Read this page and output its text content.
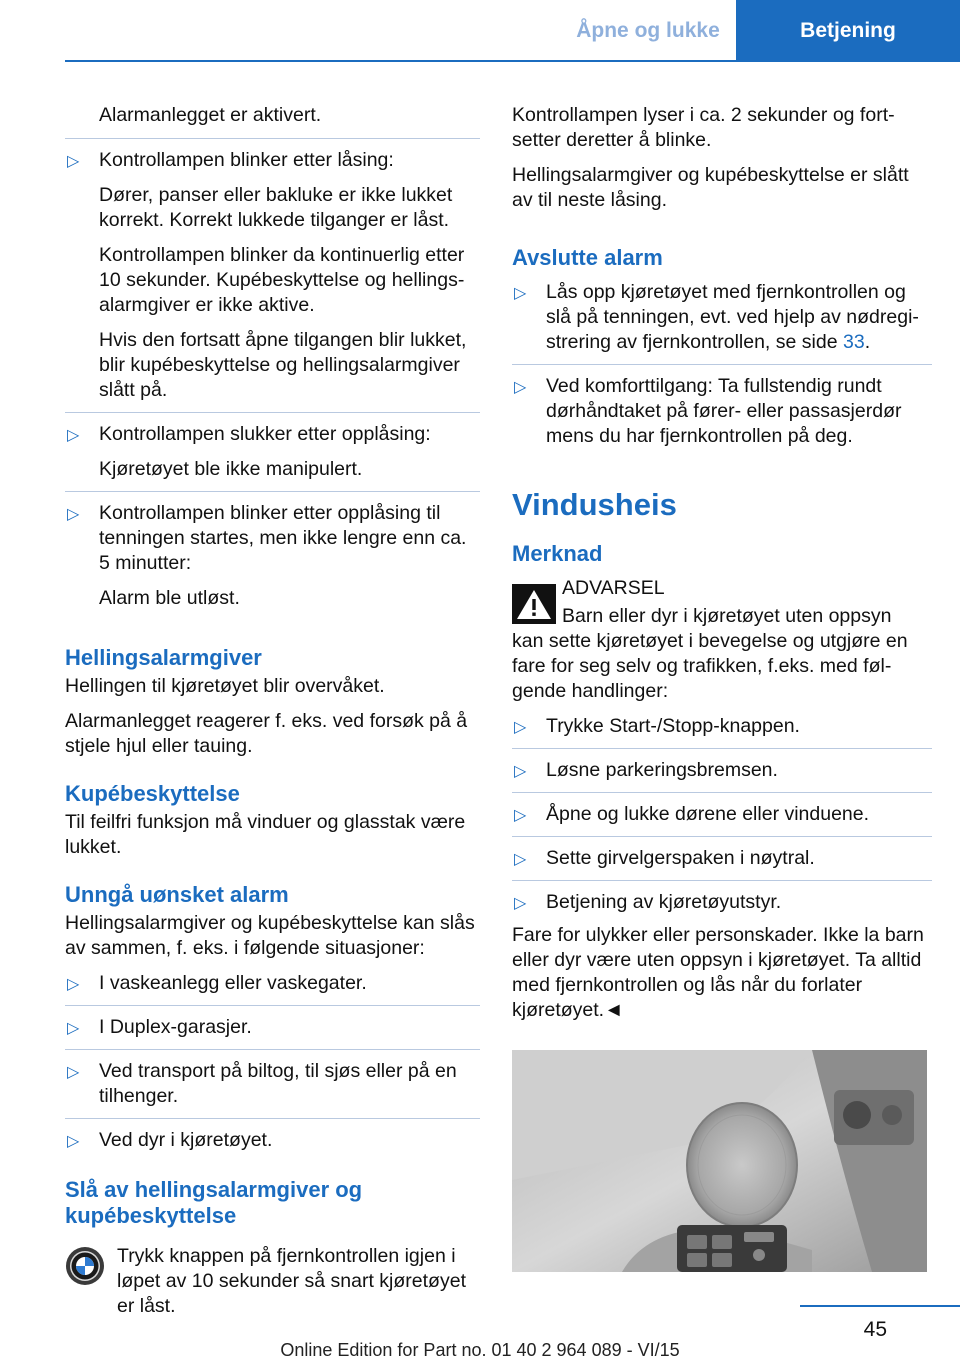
Åpne og lukke	Betjening

Alarmanlegget er aktivert.

▷ Kontrollampen blinker etter låsing:

Dører, panser eller bakluke er ikke lukket korrekt. Korrekt lukkede tilganger er låst.

Kontrollampen blinker da kontinuerlig etter 10 sekunder. Kupébeskyttelse og hellingsalarmgiver er ikke aktive.

Hvis den fortsatt åpne tilgangen blir lukket, blir kupébeskyttelse og hellingsalarmgiver slått på.

▷ Kontrollampen slukker etter opplåsing:

Kjøretøyet ble ikke manipulert.

▷ Kontrollampen blinker etter opplåsing til tenningen startes, men ikke lengre enn ca. 5 minutter:

Alarm ble utløst.

Hellingsalarmgiver

Hellingen til kjøretøyet blir overvåket.

Alarmanlegget reagerer f. eks. ved forsøk på å stjele hjul eller tauing.

Kupébeskyttelse

Til feilfri funksjon må vinduer og glasstak være lukket.

Unngå uønsket alarm

Hellingsalarmgiver og kupébeskyttelse kan slås av sammen, f. eks. i følgende situasjoner:

▷ I vaskeanlegg eller vaskegater.

▷ I Duplex-garasjer.

▷ Ved transport på biltog, til sjøs eller på en tilhenger.

▷ Ved dyr i kjøretøyet.

Slå av hellingsalarmgiver og kupébeskyttelse
Trykk knappen på fjernkontrollen igjen i løpet av 10 sekunder så snart kjøretøyet er låst.

Kontrollampen lyser i ca. 2 sekunder og fortsetter deretter å blinke.

Hellingsalarmgiver og kupébeskyttelse er slått av til neste låsing.

Avslutte alarm

▷ Lås opp kjøretøyet med fjernkontrollen og slå på tenningen, evt. ved hjelp av nødregistrering av fjernkontrollen, se side 33.

▷ Ved komforttilgang: Ta fullstendig rundt dørhåndtaket på fører- eller passasjerdør mens du har fjernkontrollen på deg.

Vindusheis
Merknad
ADVARSEL
Barn eller dyr i kjøretøyet uten oppsyn

kan sette kjøretøyet i bevegelse og utgjøre en fare for seg selv og trafikken, f.eks. med følgende handlinger:

▷ Trykke Start-/Stopp-knappen.

▷ Løsne parkeringsbremsen.

▷ Åpne og lukke dørene eller vinduene.

▷ Sette girvelgerspaken i nøytral.

▷ Betjening av kjøretøyutstyr.

Fare for ulykker eller personskader. Ikke la barn eller dyr være uten oppsyn i kjøretøyet. Ta alltid med fjernkontrollen og lås når du forlater kjøretøyet.◄

45
Online Edition for Part no. 01 40 2 964 089 - VI/15
